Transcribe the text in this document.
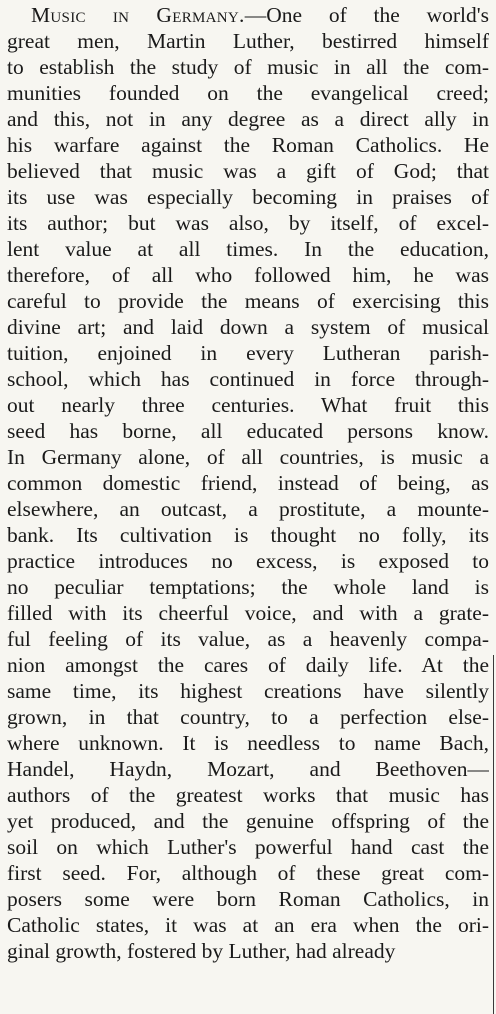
Music in Germany.—One of the world's
great men, Martin Luther, bestirred himself
to establish the study of music in all the com-
munities founded on the evangelical creed;
and this, not in any degree as a direct ally in
his warfare against the Roman Catholics. He
believed that music was a gift of God; that
its use was especially becoming in praises of
its author; but was also, by itself, of excel-
lent value at all times. In the education,
therefore, of all who followed him, he was
careful to provide the means of exercising this
divine art; and laid down a system of musical
tuition, enjoined in every Lutheran parish-
school, which has continued in force through-
out nearly three centuries. What fruit this
seed has borne, all educated persons know.
In Germany alone, of all countries, is music a
common domestic friend, instead of being, as
elsewhere, an outcast, a prostitute, a mounte-
bank. Its cultivation is thought no folly, its
practice introduces no excess, is exposed to
no peculiar temptations; the whole land is
filled with its cheerful voice, and with a grate-
ful feeling of its value, as a heavenly compa-
nion amongst the cares of daily life. At the
same time, its highest creations have silently
grown, in that country, to a perfection else-
where unknown. It is needless to name Bach,
Handel, Haydn, Mozart, and Beethoven—
authors of the greatest works that music has
yet produced, and the genuine offspring of the
soil on which Luther's powerful hand cast the
first seed. For, although of these great com-
posers some were born Roman Catholics, in
Catholic states, it was at an era when the ori-
ginal growth, fostered by Luther, had already
